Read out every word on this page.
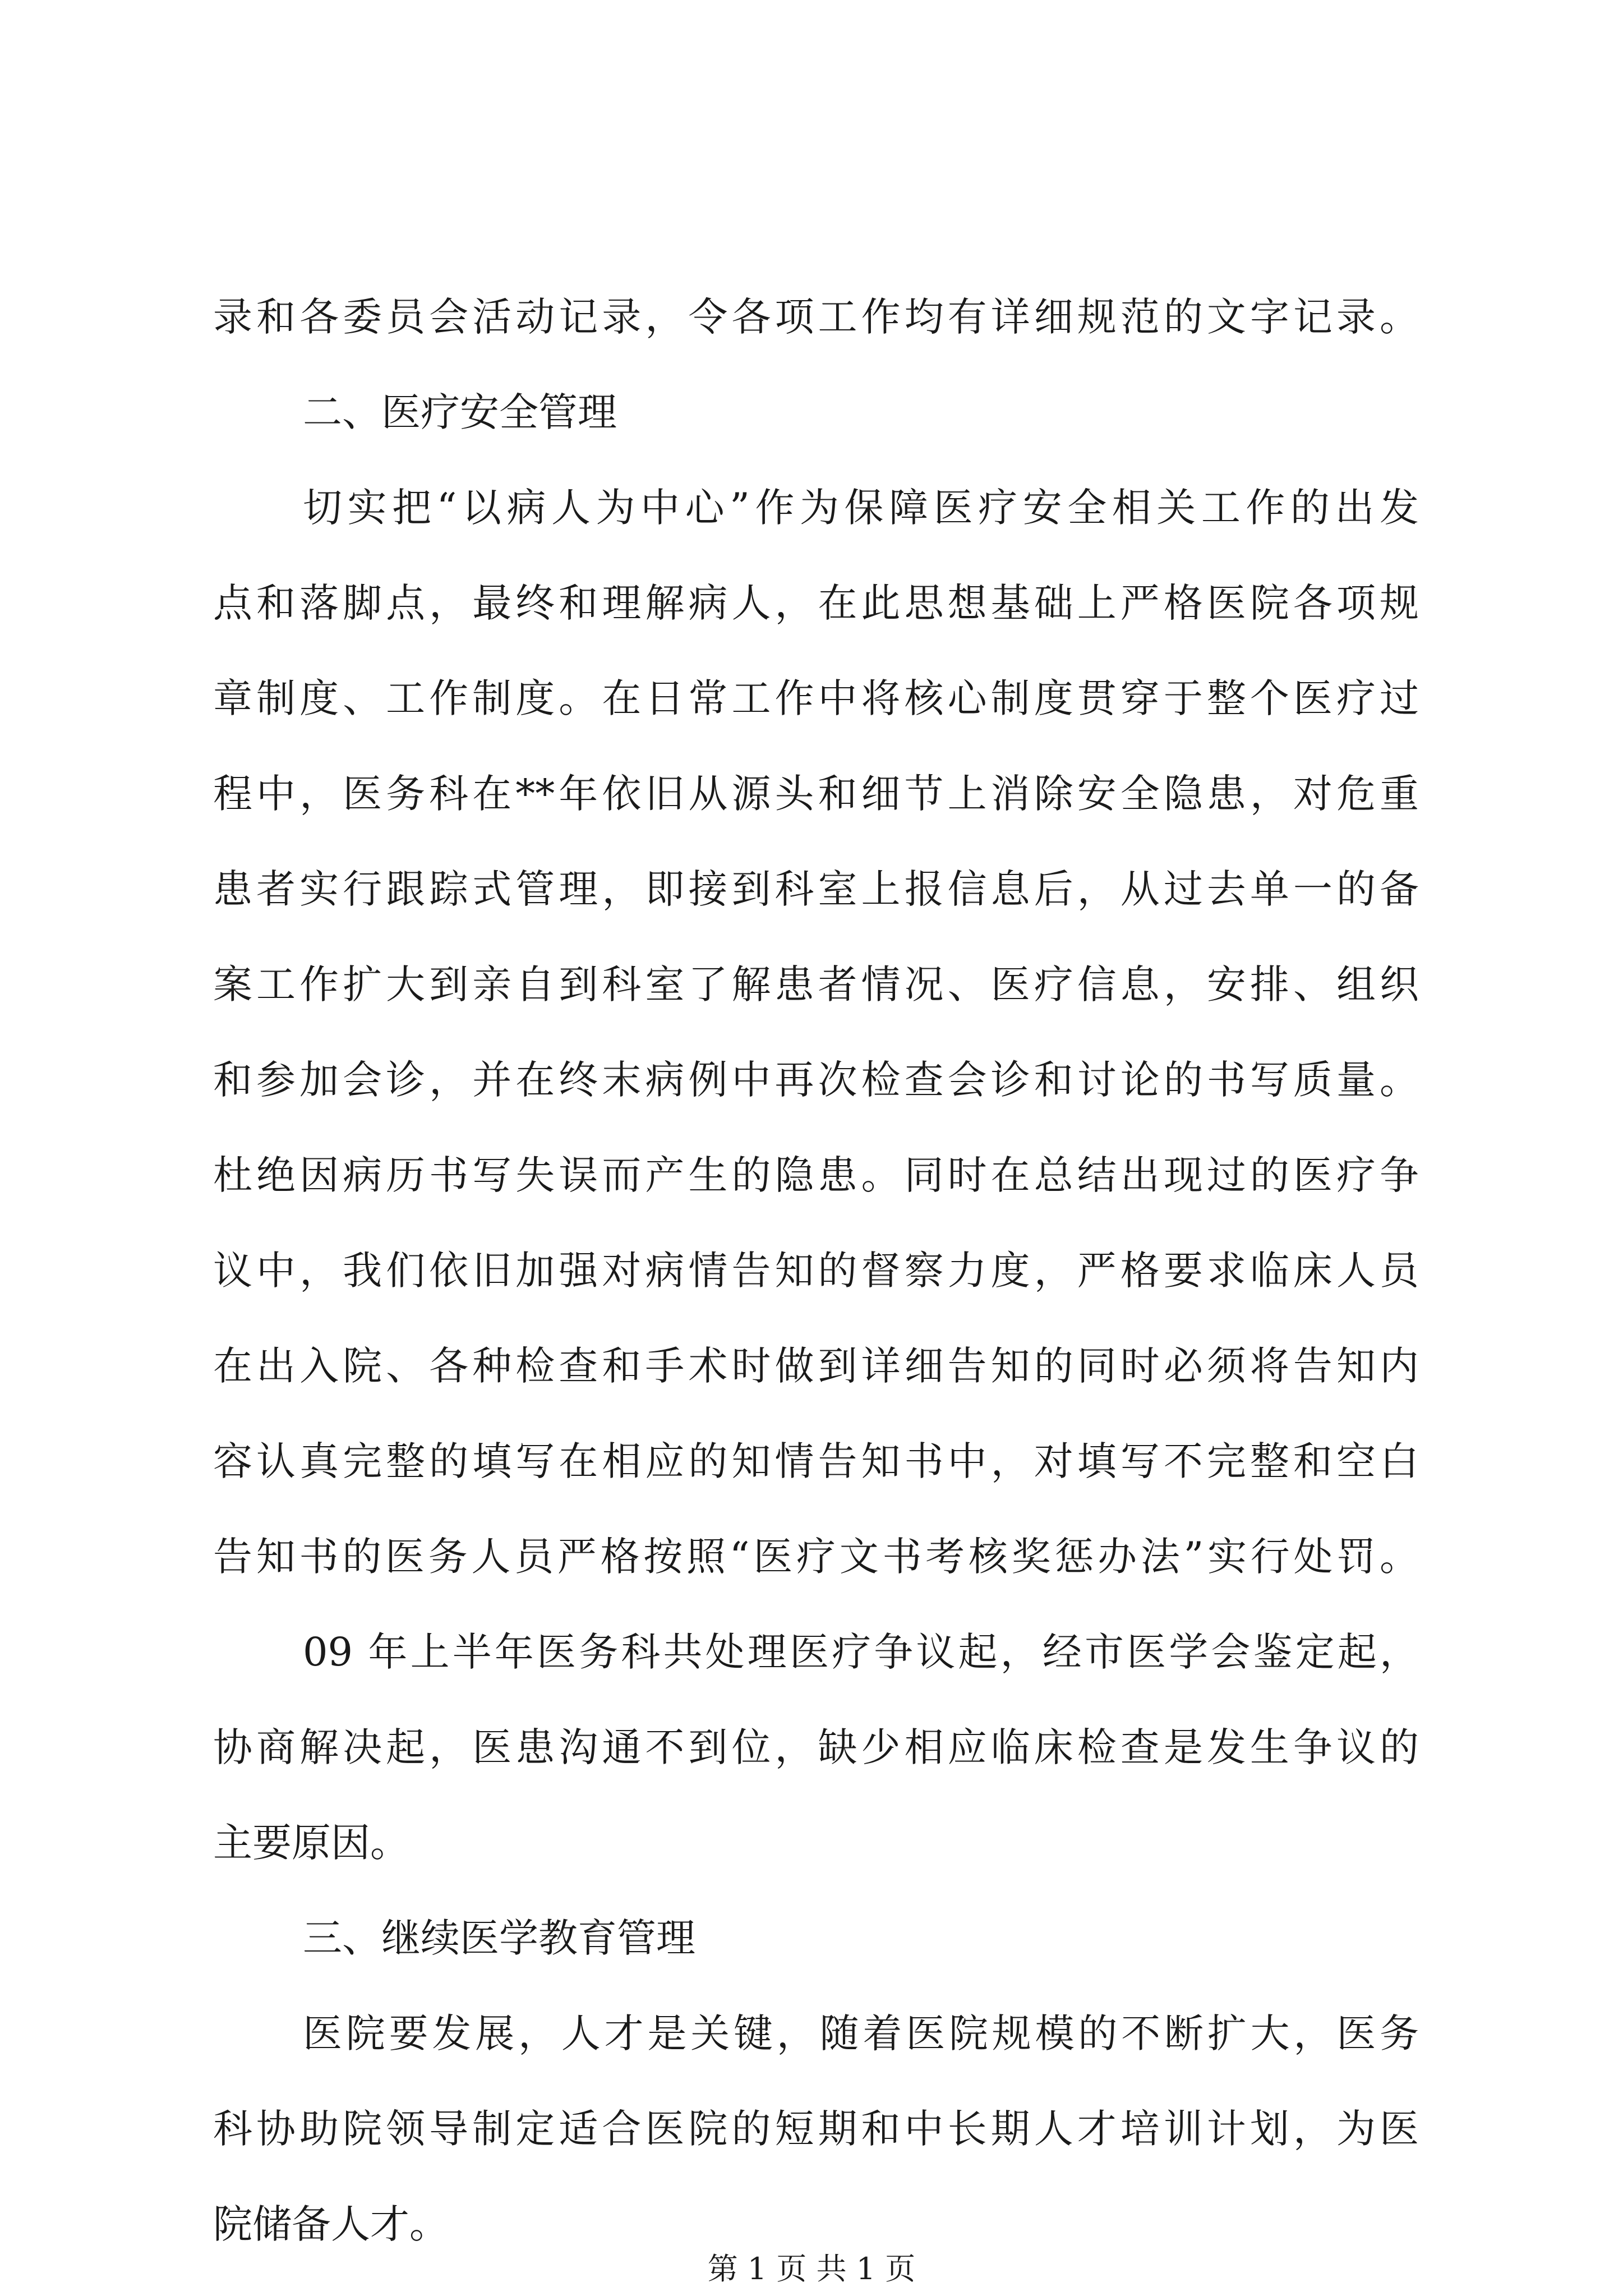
录和各委员会活动记录，令各项工作均有详细规范的文字记录。
二、医疗安全管理
切实把“以病人为中心”作为保障医疗安全相关工作的出发
点和落脚点，最终和理解病人，在此思想基础上严格医院各项规
章制度、工作制度。在日常工作中将核心制度贯穿于整个医疗过
程中，医务科在**年依旧从源头和细节上消除安全隐患，对危重
患者实行跟踪式管理，即接到科室上报信息后，从过去单一的备
案工作扩大到亲自到科室了解患者情况、医疗信息，安排、组织
和参加会诊，并在终末病例中再次检查会诊和讨论的书写质量。
杜绝因病历书写失误而产生的隐患。同时在总结出现过的医疗争
议中，我们依旧加强对病情告知的督察力度，严格要求临床人员
在出入院、各种检查和手术时做到详细告知的同时必须将告知内
容认真完整的填写在相应的知情告知书中，对填写不完整和空白
告知书的医务人员严格按照“医疗文书考核奖惩办法”实行处罚。
09 年上半年医务科共处理医疗争议起，经市医学会鉴定起，
协商解决起，医患沟通不到位，缺少相应临床检查是发生争议的
主要原因。
三、继续医学教育管理
医院要发展，人才是关键，随着医院规模的不断扩大，医务
科协助院领导制定适合医院的短期和中长期人才培训计划，为医
院储备人才。
第 1 页 共 1 页
